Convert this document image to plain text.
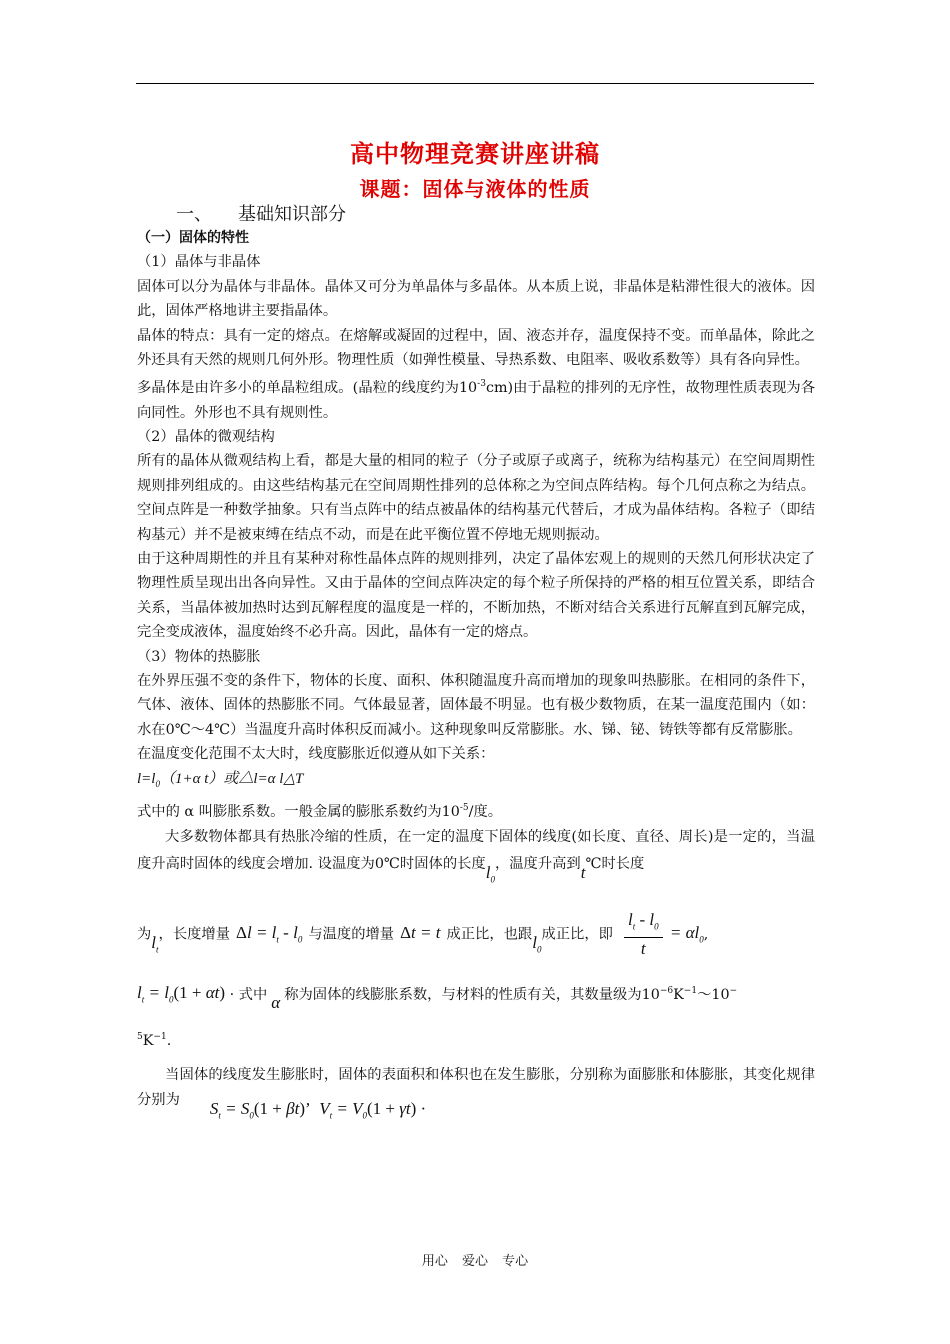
高中物理竞赛讲座讲稿
课题：固体与液体的性质
一、 基础知识部分

（一）固体的特性

（1）晶体与非晶体

固体可以分为晶体与非晶体。晶体又可分为单晶体与多晶体。从本质上说，非晶体是粘滞性很大的液体。因此，固体严格地讲主要指晶体。

晶体的特点：具有一定的熔点。在熔解或凝固的过程中，固、液态并存，温度保持不变。而单晶体，除此之外还具有天然的规则几何外形。物理性质（如弹性模量、导热系数、电阻率、吸收系数等）具有各向异性。

多晶体是由许多小的单晶粒组成。(晶粒的线度约为$10^{-3}cm$)由于晶粒的排列的无序性，故物理性质表现为各向同性。外形也不具有规则性。

（2）晶体的微观结构

所有的晶体从微观结构上看，都是大量的相同的粒子（分子或原子或离子，统称为结构基元）在空间周期性规则排列组成的。由这些结构基元在空间周期性排列的总体称之为空间点阵结构。每个几何点称之为结点。空间点阵是一种数学抽象。只有当点阵中的结点被晶体的结构基元代替后，才成为晶体结构。各粒子（即结构基元）并不是被束缚在结点不动，而是在此平衡位置不停地无规则振动。

由于这种周期性的并且有某种对称性晶体点阵的规则排列，决定了晶体宏观上的规则的天然几何形状决定了物理性质呈现出出各向异性。又由于晶体的空间点阵决定的每个粒子所保持的严格的相互位置关系，即结合关系，当晶体被加热时达到瓦解程度的温度是一样的，不断加热，不断对结合关系进行瓦解直到瓦解完成，完全变成液体，温度始终不必升高。因此，晶体有一定的熔点。

（3）物体的热膨胀

在外界压强不变的条件下，物体的长度、面积、体积随温度升高而增加的现象叫热膨胀。在相同的条件下，气体、液体、固体的热膨胀不同。气体最显著，固体最不明显。也有极少数物质，在某一温度范围内（如：水在0℃～4℃）当温度升高时体积反而减小。这种现象叫反常膨胀。水、锑、铋、铸铁等都有反常膨胀。

在温度变化范围不太大时，线度膨胀近似遵从如下关系：

$l=l_0(1+\alpha$ t）或△l=α l△T

式中的 α 叫膨胀系数。一般金属的膨胀系数约为$10^{-5}/$度。

大多数物体都具有热胀冷缩的性质，在一定的温度下固体的线度(如长度、直径、周长)是一定的，当温度升高时固体的线度会增加. 设温度为0℃时固体的长度$l_0$，温度升高到t℃时长度

为$l_t$，长度增量 $\Delta l = l_t - l_0$ 与温度的增量 Δt = t 成正比，也跟$l_0$成正比，即 $\frac{l_t - l_0}{t} = \alpha l_0$,

$l_t = l_0(1 + \alpha t)$ · 式中 α 称为固体的线膨胀系数，与材料的性质有关，其数量级为$10^{-6}K^{-1}\sim 10^-$

$^5K^{-1}$.

当固体的线度发生膨胀时，固体的表面积和体积也在发生膨胀，分别称为面膨胀和体膨胀，其变化规律分别为 $S_t = S_0(1 + \beta t)$’  $V_t = V_0(1 + \gamma t)$ ·

用心 爱心 专心
